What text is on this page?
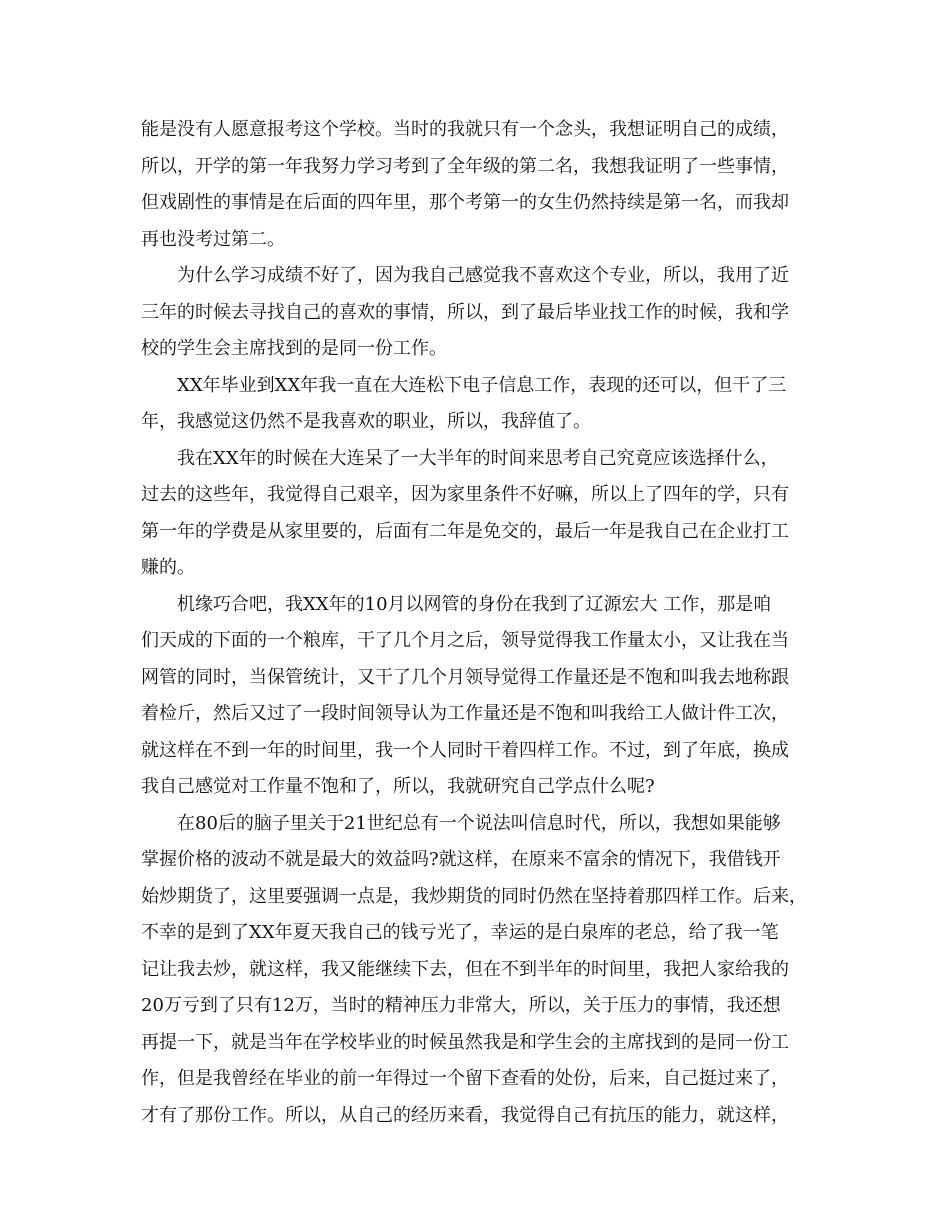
能是没有人愿意报考这个学校。当时的我就只有一个念头，我想证明自己的成绩，
所以，开学的第一年我努力学习考到了全年级的第二名，我想我证明了一些事情，
但戏剧性的事情是在后面的四年里，那个考第一的女生仍然持续是第一名，而我却
再也没考过第二。
为什么学习成绩不好了，因为我自己感觉我不喜欢这个专业，所以，我用了近
三年的时候去寻找自己的喜欢的事情，所以，到了最后毕业找工作的时候，我和学
校的学生会主席找到的是同一份工作。
XX年毕业到XX年我一直在大连松下电子信息工作，表现的还可以，但干了三
年，我感觉这仍然不是我喜欢的职业，所以，我辞值了。
我在XX年的时候在大连呆了一大半年的时间来思考自己究竟应该选择什么，
过去的这些年，我觉得自己艰辛，因为家里条件不好嘛，所以上了四年的学，只有
第一年的学费是从家里要的，后面有二年是免交的，最后一年是我自己在企业打工
赚的。
机缘巧合吧，我XX年的10月以网管的身份在我到了辽源宏大 工作，那是咱
们天成的下面的一个粮库，干了几个月之后，领导觉得我工作量太小，又让我在当
网管的同时，当保管统计，又干了几个月领导觉得工作量还是不饱和叫我去地称跟
着检斤，然后又过了一段时间领导认为工作量还是不饱和叫我给工人做计件工次，
就这样在不到一年的时间里，我一个人同时干着四样工作。不过，到了年底，换成
我自己感觉对工作量不饱和了，所以，我就研究自己学点什么呢?
在80后的脑子里关于21世纪总有一个说法叫信息时代，所以，我想如果能够
掌握价格的波动不就是最大的效益吗?就这样，在原来不富余的情况下，我借钱开
始炒期货了，这里要强调一点是，我炒期货的同时仍然在坚持着那四样工作。后来，
不幸的是到了XX年夏天我自己的钱亏光了，幸运的是白泉库的老总，给了我一笔
记让我去炒，就这样，我又能继续下去，但在不到半年的时间里，我把人家给我的
20万亏到了只有12万，当时的精神压力非常大，所以，关于压力的事情，我还想
再提一下，就是当年在学校毕业的时候虽然我是和学生会的主席找到的是同一份工
作，但是我曾经在毕业的前一年得过一个留下查看的处份，后来，自己挺过来了，
才有了那份工作。所以，从自己的经历来看，我觉得自己有抗压的能力，就这样，
